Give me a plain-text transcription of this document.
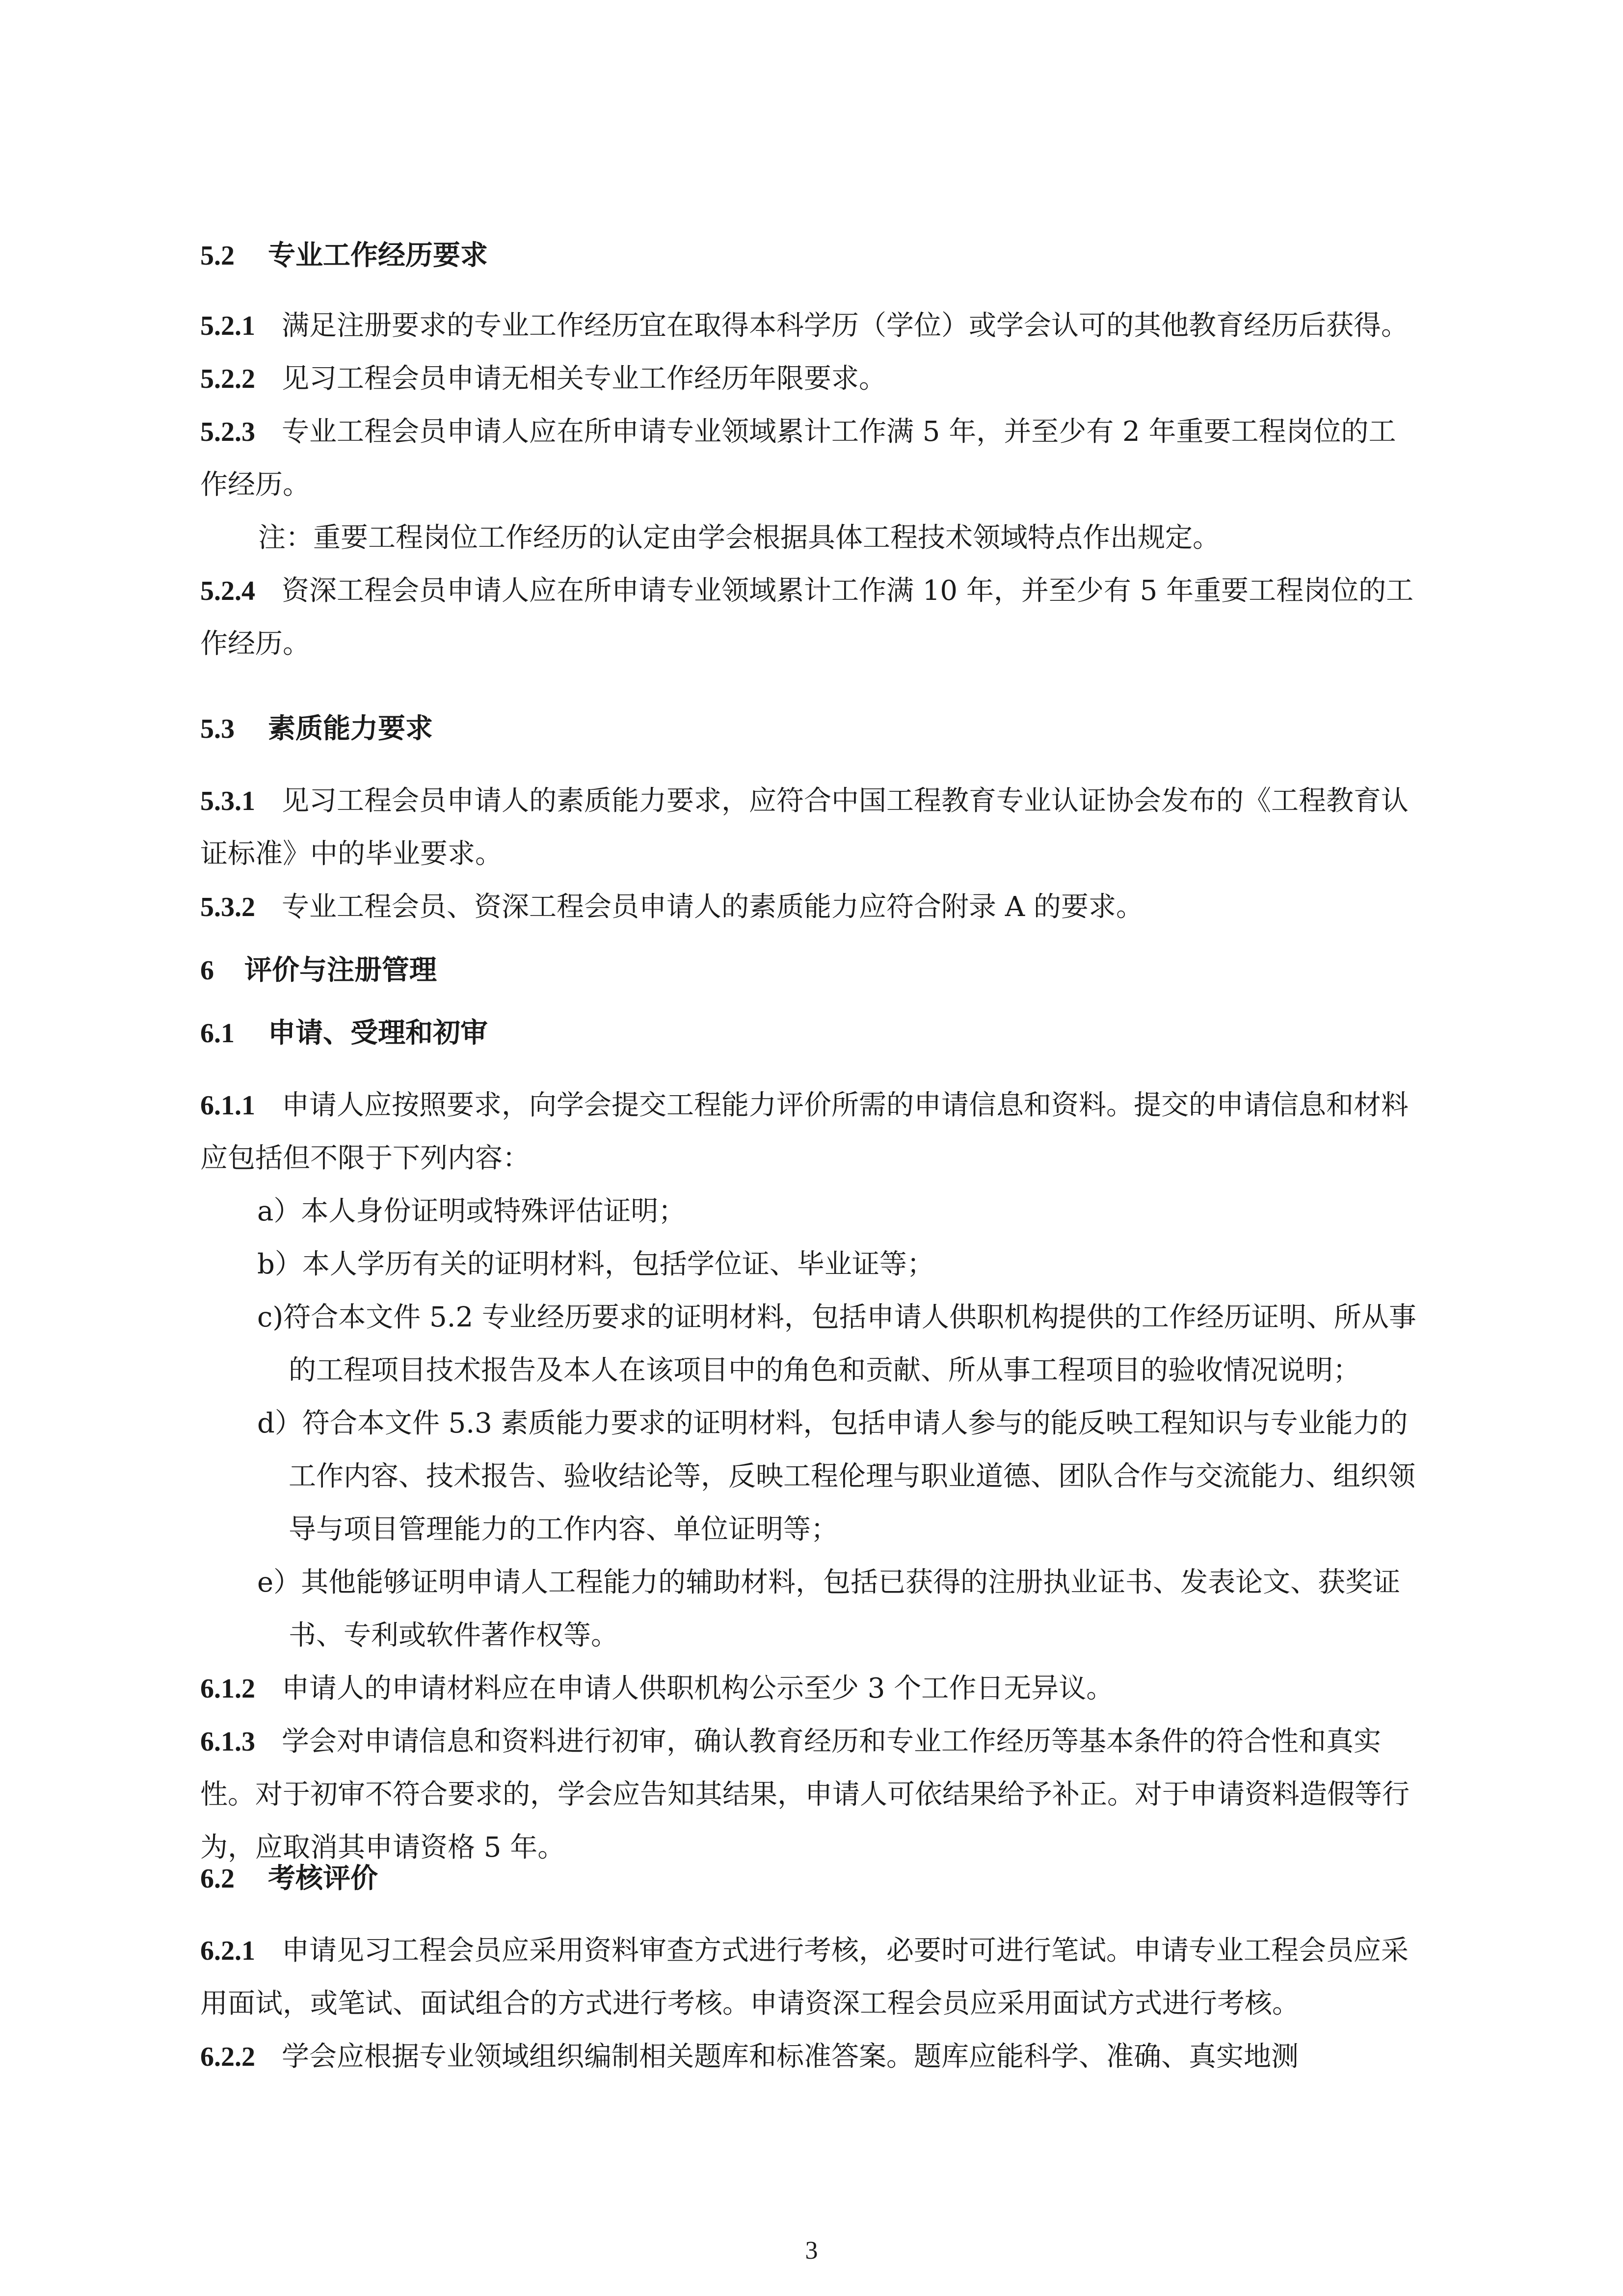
5.2 专业工作经历要求
5.2.1 满足注册要求的专业工作经历宜在取得本科学历（学位）或学会认可的其他教育经历后获得。
5.2.2 见习工程会员申请无相关专业工作经历年限要求。
5.2.3 专业工程会员申请人应在所申请专业领域累计工作满 5 年，并至少有 2 年重要工程岗位的工作经历。
注：重要工程岗位工作经历的认定由学会根据具体工程技术领域特点作出规定。
5.2.4 资深工程会员申请人应在所申请专业领域累计工作满 10 年，并至少有 5 年重要工程岗位的工作经历。
5.3 素质能力要求
5.3.1 见习工程会员申请人的素质能力要求，应符合中国工程教育专业认证协会发布的《工程教育认证标准》中的毕业要求。
5.3.2 专业工程会员、资深工程会员申请人的素质能力应符合附录 A 的要求。
6 评价与注册管理
6.1 申请、受理和初审
6.1.1 申请人应按照要求，向学会提交工程能力评价所需的申请信息和资料。提交的申请信息和材料应包括但不限于下列内容：
a）本人身份证明或特殊评估证明；
b）本人学历有关的证明材料，包括学位证、毕业证等；
c)符合本文件 5.2 专业经历要求的证明材料，包括申请人供职机构提供的工作经历证明、所从事的工程项目技术报告及本人在该项目中的角色和贡献、所从事工程项目的验收情况说明；
d）符合本文件 5.3 素质能力要求的证明材料，包括申请人参与的能反映工程知识与专业能力的工作内容、技术报告、验收结论等，反映工程伦理与职业道德、团队合作与交流能力、组织领导与项目管理能力的工作内容、单位证明等；
e）其他能够证明申请人工程能力的辅助材料，包括已获得的注册执业证书、发表论文、获奖证书、专利或软件著作权等。
6.1.2 申请人的申请材料应在申请人供职机构公示至少 3 个工作日无异议。
6.1.3 学会对申请信息和资料进行初审，确认教育经历和专业工作经历等基本条件的符合性和真实性。对于初审不符合要求的，学会应告知其结果，申请人可依结果给予补正。对于申请资料造假等行为，应取消其申请资格 5 年。
6.2 考核评价
6.2.1 申请见习工程会员应采用资料审查方式进行考核，必要时可进行笔试。申请专业工程会员应采用面试，或笔试、面试组合的方式进行考核。申请资深工程会员应采用面试方式进行考核。
6.2.2 学会应根据专业领域组织编制相关题库和标准答案。题库应能科学、准确、真实地测
3
